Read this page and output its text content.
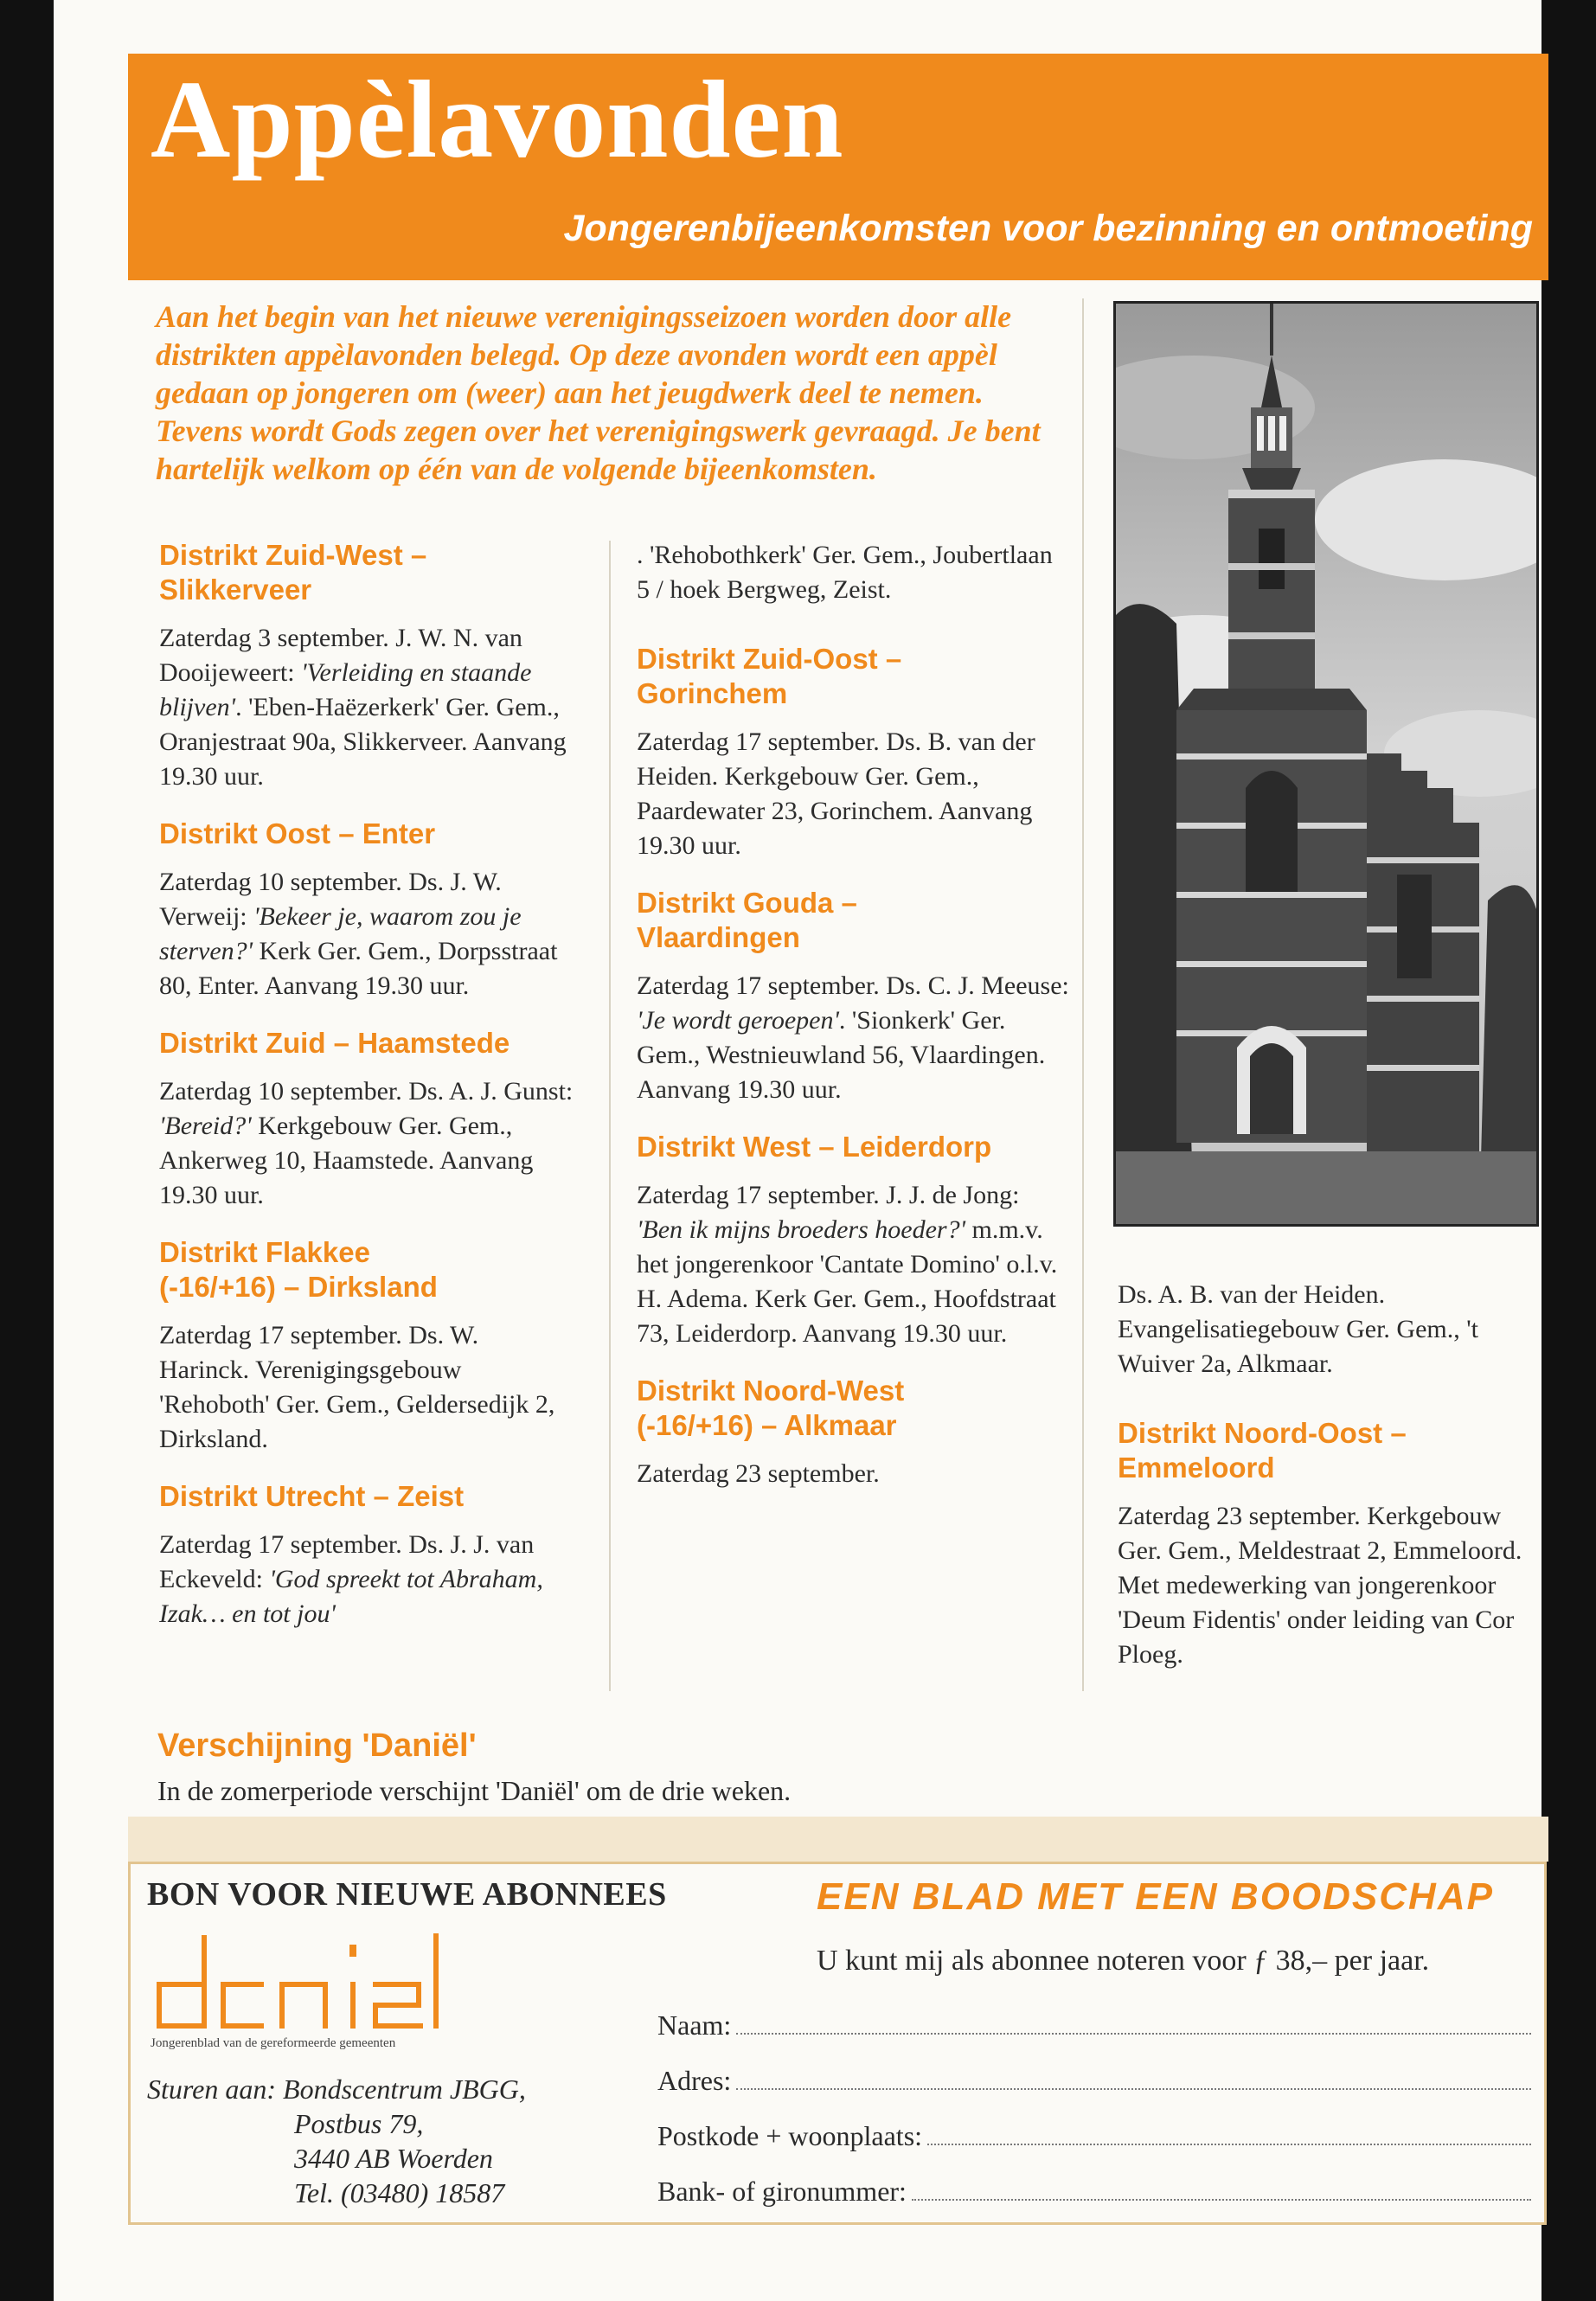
Appèlavonden
Jongerenbijeenkomsten voor bezinning en ontmoeting

Aan het begin van het nieuwe verenigingsseizoen worden door alle distrikten appèlavonden belegd. Op deze avonden wordt een appèl gedaan op jongeren om (weer) aan het jeugdwerk deel te nemen. Tevens wordt Gods zegen over het verenigingswerk gevraagd. Je bent hartelijk welkom op één van de volgende bijeenkomsten.

Distrikt Zuid-West –
Slikkerveer

Zaterdag 3 september. J. W. N. van Dooijeweert: 'Verleiding en staande blijven'. 'Eben-Haëzerkerk' Ger. Gem., Oranjestraat 90a, Slikkerveer. Aanvang 19.30 uur.

Distrikt Oost – Enter

Zaterdag 10 september. Ds. J. W. Verweij: 'Bekeer je, waarom zou je sterven?' Kerk Ger. Gem., Dorpsstraat 80, Enter. Aanvang 19.30 uur.

Distrikt Zuid – Haamstede

Zaterdag 10 september. Ds. A. J. Gunst: 'Bereid?' Kerkgebouw Ger. Gem., Ankerweg 10, Haamstede. Aanvang 19.30 uur.

Distrikt Flakkee
(-16/+16) – Dirksland

Zaterdag 17 september. Ds. W. Harinck. Verenigingsgebouw 'Rehoboth' Ger. Gem., Geldersedijk 2, Dirksland.

Distrikt Utrecht – Zeist

Zaterdag 17 september. Ds. J. J. van Eckeveld: 'God spreekt tot Abraham, Izak… en tot jou'

. 'Rehobothkerk' Ger. Gem., Joubertlaan 5 / hoek Bergweg, Zeist.

Distrikt Zuid-Oost –
Gorinchem

Zaterdag 17 september. Ds. B. van der Heiden. Kerkgebouw Ger. Gem., Paardewater 23, Gorinchem. Aanvang 19.30 uur.

Distrikt Gouda –
Vlaardingen

Zaterdag 17 september. Ds. C. J. Meeuse: 'Je wordt geroepen'. 'Sionkerk' Ger. Gem., Westnieuwland 56, Vlaardingen. Aanvang 19.30 uur.

Distrikt West – Leiderdorp

Zaterdag 17 september. J. J. de Jong: 'Ben ik mijns broeders hoeder?' m.m.v. het jongerenkoor 'Cantate Domino' o.l.v. H. Adema. Kerk Ger. Gem., Hoofdstraat 73, Leiderdorp. Aanvang 19.30 uur.

Distrikt Noord-West
(-16/+16) – Alkmaar

Zaterdag 23 september.

Ds. A. B. van der Heiden. Evangelisatiegebouw Ger. Gem., 't Wuiver 2a, Alkmaar.

Distrikt Noord-Oost –
Emmeloord

Zaterdag 23 september. Kerkgebouw Ger. Gem., Meldestraat 2, Emmeloord. Met medewerking van jongerenkoor 'Deum Fidentis' onder leiding van Cor Ploeg.

Verschijning 'Daniël'

In de zomerperiode verschijnt 'Daniël' om de drie weken.

BON VOOR NIEUWE ABONNEES
Jongerenblad van de gereformeerde gemeenten
Sturen aan: Bondscentrum JBGG,
Postbus 79,
3440 AB Woerden
Tel. (03480) 18587
EEN BLAD MET EEN BOODSCHAP
U kunt mij als abonnee noteren voor ƒ 38,– per jaar.
Naam:
Adres:
Postkode + woonplaats:
Bank- of gironummer:
